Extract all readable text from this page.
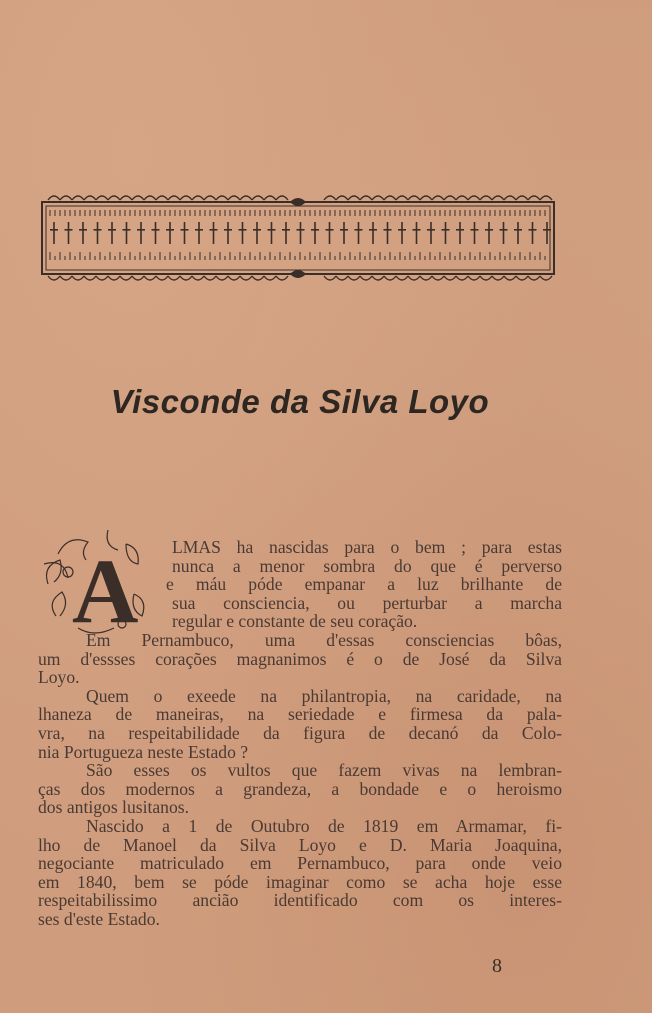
Visconde da Silva Loyo
A	LMAS ha nascidas para o bem ; para estas
nunca a menor sombra do que é perverso
e máu póde empanar a luz brilhante de
sua consciencia, ou perturbar a marcha
regular e constante de seu coração.
Em Pernambuco, uma d'essas consciencias bôas,
um d'essses corações magnanimos é o de José da Silva
Loyo.
Quem o exeede na philantropia, na caridade, na
lhaneza de maneiras, na seriedade e firmesa da pala-
vra, na respeitabilidade da figura de decanó da Colo-
nia Portugueza neste Estado ?
São esses os vultos que fazem vivas na lembran-
ças dos modernos a grandeza, a bondade e o heroismo
dos antigos lusitanos.
Nascido a 1 de Outubro de 1819 em Armamar, fi-
lho de Manoel da Silva Loyo e D. Maria Joaquina,
negociante matriculado em Pernambuco, para onde veio
em 1840, bem se póde imaginar como se acha hoje esse
respeitabilissimo ancião identificado com os interes-
ses d'este Estado.
8
